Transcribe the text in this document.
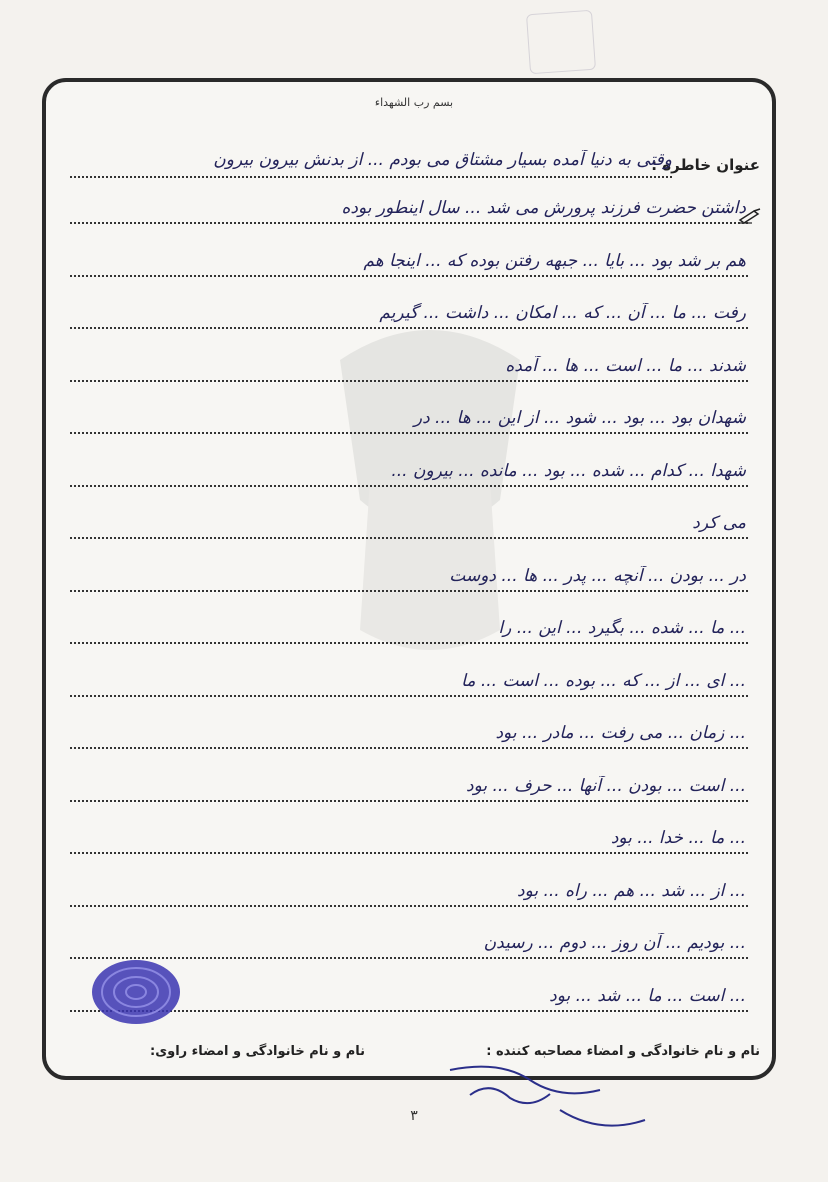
بسم رب الشهداء
عنوان خاطره :
وقتی به دنیا آمده بسیار مشتاق می بودم ... از بدنش بیرون بیرون
داشتن حضرت فرزند پرورش می شد ... سال اینطور بوده
هم بر شد بود ... بایا ... جبهه رفتن بوده که ... اینجا هم
رفت ... ما ... آن ... که ... امکان ... داشت ... گیریم
شدند ... ما ... است ... ها ... آمده
شهدان بود ... بود ... شود ... از این ... ها ... در
شهدا ... کدام ... شده ... بود ... مانده ... بیرون ...
می کرد
در ... بودن ... آنچه ... پدر ... ها ... دوست
... ما ... شده ... بگیرد ... این ... را
... ای ... از ... که ... بوده ... است ... ما
... زمان ... می رفت ... مادر ... بود
... است ... بودن ... آنها ... حرف ... بود
... ما ... خدا ... بود
... از ... شد ... هم ... راه ... بود
... بودیم ... آن روز ... دوم ... رسیدن
... است ... ما ... شد ... بود
نام و نام خانوادگی و امضاء راوی:	نام و نام خانوادگی و امضاء مصاحبه کننده :
۳
